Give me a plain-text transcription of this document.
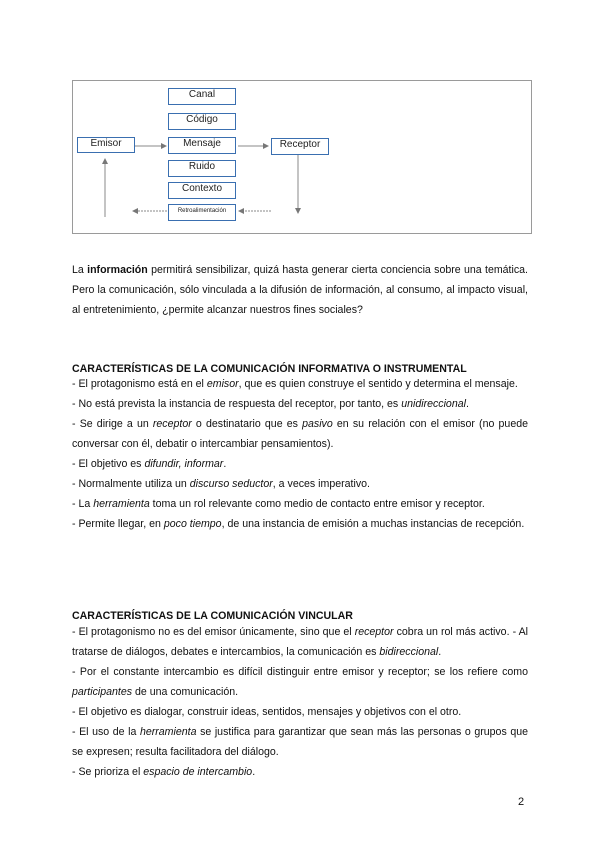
Emisor	Receptor
Canal
Código
Mensaje
Ruido
Contexto
Retroalimentación

La información permitirá sensibilizar, quizá hasta generar cierta conciencia sobre una temática. Pero la comunicación, sólo vinculada a la difusión de información, al consumo, al impacto visual, al entretenimiento, ¿permite alcanzar nuestros fines sociales?

CARACTERÍSTICAS DE LA COMUNICACIÓN INFORMATIVA O INSTRUMENTAL
- El protagonismo está en el emisor, que es quien construye el sentido y determina el mensaje.
- No está prevista la instancia de respuesta del receptor, por tanto, es unidireccional.
- Se dirige a un receptor o destinatario que es pasivo en su relación con el emisor (no puede conversar con él, debatir o intercambiar pensamientos).
- El objetivo es difundir, informar.
- Normalmente utiliza un discurso seductor, a veces imperativo.
- La herramienta toma un rol relevante como medio de contacto entre emisor y receptor.
- Permite llegar, en poco tiempo, de una instancia de emisión a muchas instancias de recepción.
CARACTERÍSTICAS DE LA COMUNICACIÓN VINCULAR
- El protagonismo no es del emisor únicamente, sino que el receptor cobra un rol más activo. - Al tratarse de diálogos, debates e intercambios, la comunicación es bidireccional.
- Por el constante intercambio es difícil distinguir entre emisor y receptor; se los refiere como participantes de una comunicación.
- El objetivo es dialogar, construir ideas, sentidos, mensajes y objetivos con el otro.
- El uso de la herramienta se justifica para garantizar que sean más las personas o grupos que se expresen; resulta facilitadora del diálogo.
- Se prioriza el espacio de intercambio.
2
